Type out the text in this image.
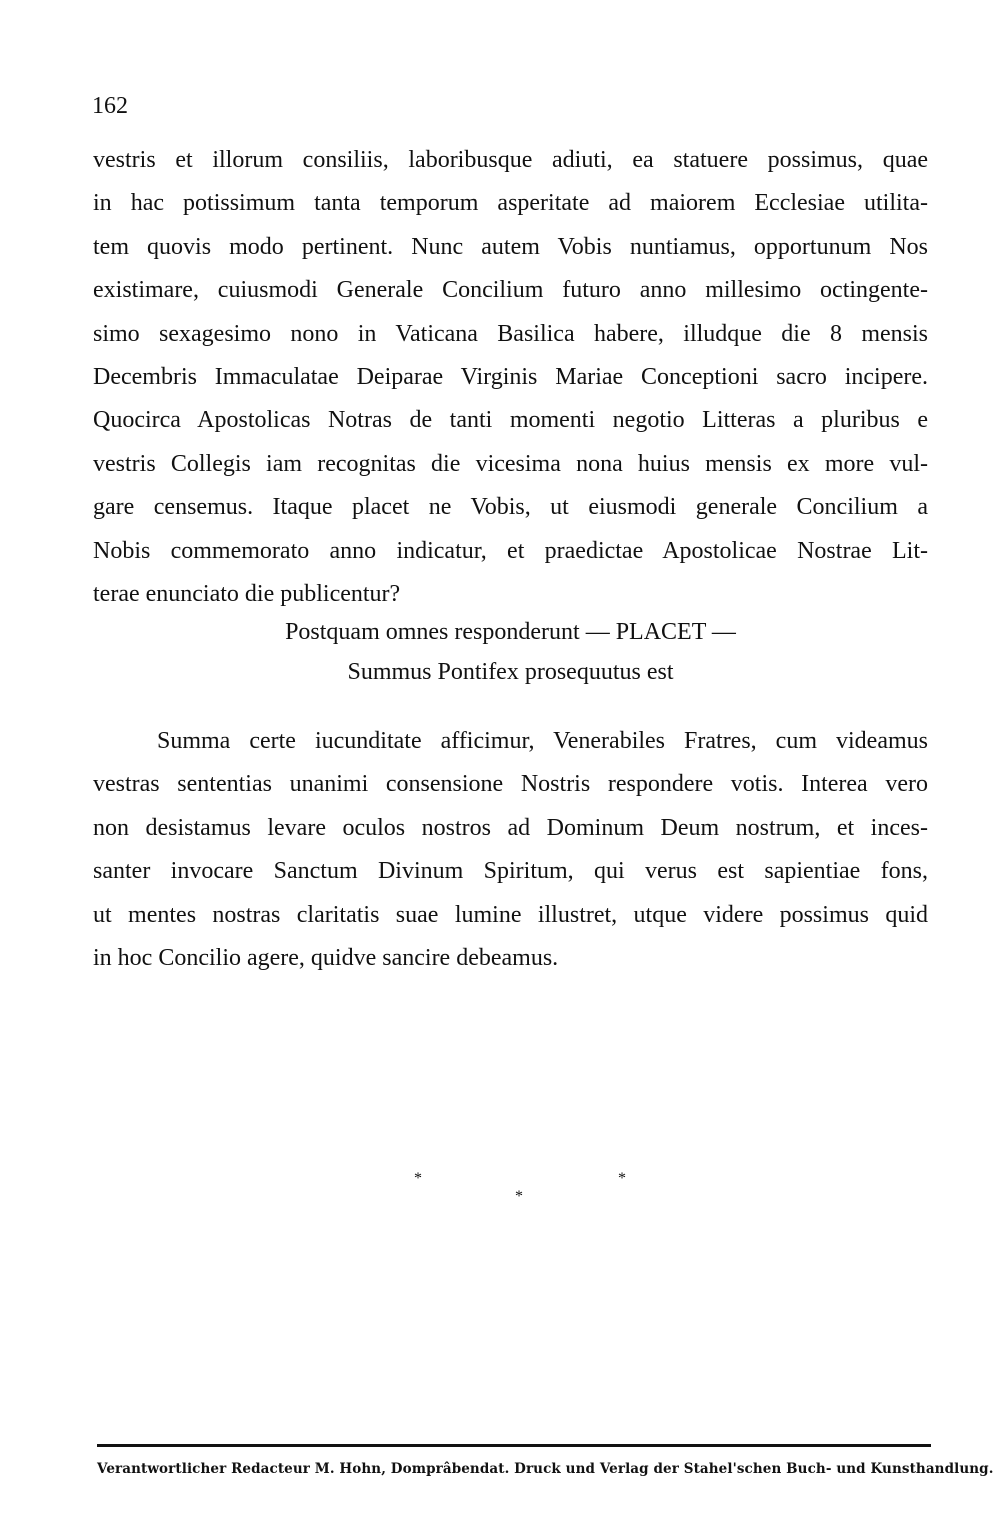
162
vestris et illorum consiliis, laboribusque adiuti, ea statuere possimus, quae
in hac potissimum tanta temporum asperitate ad maiorem Ecclesiae utilita-
tem quovis modo pertinent. Nunc autem Vobis nuntiamus, opportunum Nos
existimare, cuiusmodi Generale Concilium futuro anno millesimo octingente-
simo sexagesimo nono in Vaticana Basilica habere, illudque die 8 mensis
Decembris Immaculatae Deiparae Virginis Mariae Conceptioni sacro incipere.
Quocirca Apostolicas Notras de tanti momenti negotio Litteras a pluribus e
vestris Collegis iam recognitas die vicesima nona huius mensis ex more vul-
gare censemus. Itaque placet ne Vobis, ut eiusmodi generale Concilium a
Nobis commemorato anno indicatur, et praedictae Apostolicae Nostrae Lit-
terae enunciato die publicentur?
Postquam omnes responderunt — PLACET —
Summus Pontifex prosequutus est
Summa certe iucunditate afficimur, Venerabiles Fratres, cum videamus
vestras sententias unanimi consensione Nostris respondere votis. Interea vero
non desistamus levare oculos nostros ad Dominum Deum nostrum, et inces-
santer invocare Sanctum Divinum Spiritum, qui verus est sapientiae fons,
ut mentes nostras claritatis suae lumine illustret, utque videre possimus quid
in hoc Concilio agere, quidve sancire debeamus.
*	*
*
Verantwortlicher Redacteur M. Hohn, Domprâbendat. Druck und Verlag der Stahel'schen Buch- und Kunsthandlung.
